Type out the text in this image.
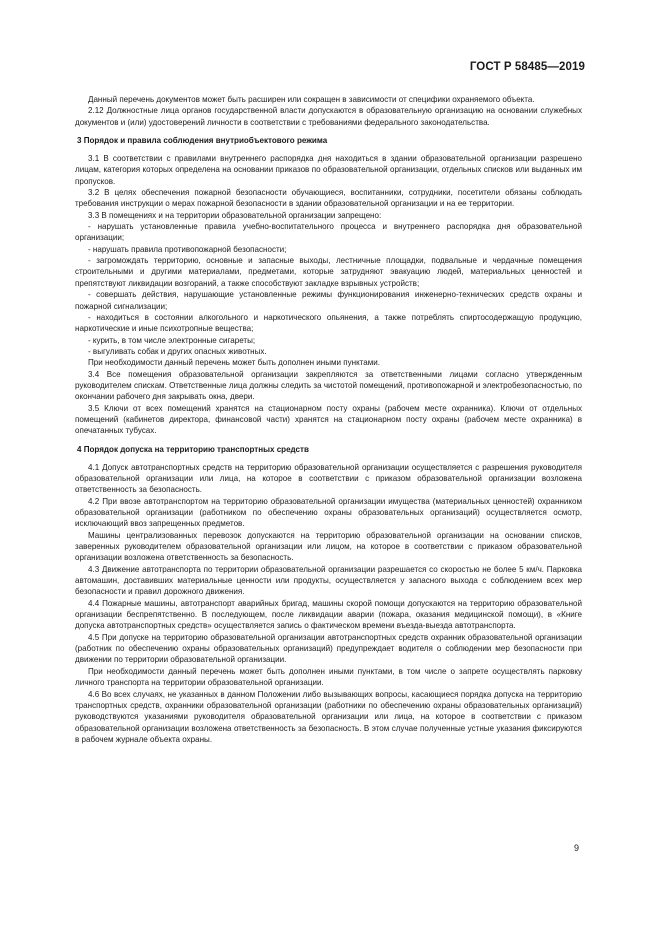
ГОСТ Р 58485—2019

Данный перечень документов может быть расширен или сокращен в зависимости от специфики охраняемого объекта.

2.12 Должностные лица органов государственной власти допускаются в образовательную организацию на основании служебных документов и (или) удостоверений личности в соответствии с требованиями федерального законодательства.

3 Порядок и правила соблюдения внутриобъектового режима

3.1 В соответствии с правилами внутреннего распорядка дня находиться в здании образовательной организации разрешено лицам, категория которых определена на основании приказов по образовательной организации, отдельных списков или выданных им пропусков.

3.2 В целях обеспечения пожарной безопасности обучающиеся, воспитанники, сотрудники, посетители обязаны соблюдать требования инструкции о мерах пожарной безопасности в здании образовательной организации и на ее территории.

3.3 В помещениях и на территории образовательной организации запрещено:

- нарушать установленные правила учебно-воспитательного процесса и внутреннего распорядка дня образовательной организации;

- нарушать правила противопожарной безопасности;

- загромождать территорию, основные и запасные выходы, лестничные площадки, подвальные и чердачные помещения строительными и другими материалами, предметами, которые затрудняют эвакуацию людей, материальных ценностей и препятствуют ликвидации возгораний, а также способствуют закладке взрывных устройств;

- совершать действия, нарушающие установленные режимы функционирования инженерно-технических средств охраны и пожарной сигнализации;

- находиться в состоянии алкогольного и наркотического опьянения, а также потреблять спиртосодержащую продукцию, наркотические и иные психотропные вещества;

- курить, в том числе электронные сигареты;

- выгуливать собак и других опасных животных.

При необходимости данный перечень может быть дополнен иными пунктами.

3.4 Все помещения образовательной организации закрепляются за ответственными лицами согласно утвержденным руководителем спискам. Ответственные лица должны следить за чистотой помещений, противопожарной и электробезопасностью, по окончании рабочего дня закрывать окна, двери.

3.5 Ключи от всех помещений хранятся на стационарном посту охраны (рабочем месте охранника). Ключи от отдельных помещений (кабинетов директора, финансовой части) хранятся на стационарном посту охраны (рабочем месте охранника) в опечатанных тубусах.

4 Порядок допуска на территорию транспортных средств

4.1 Допуск автотранспортных средств на территорию образовательной организации осуществляется с разрешения руководителя образовательной организации или лица, на которое в соответствии с приказом образовательной организации возложена ответственность за безопасность.

4.2 При ввозе автотранспортом на территорию образовательной организации имущества (материальных ценностей) охранником образовательной организации (работником по обеспечению охраны образовательных организаций) осуществляется осмотр, исключающий ввоз запрещенных предметов.

Машины централизованных перевозок допускаются на территорию образовательной организации на основании списков, заверенных руководителем образовательной организации или лицом, на которое в соответствии с приказом образовательной организации возложена ответственность за безопасность.

4.3 Движение автотранспорта по территории образовательной организации разрешается со скоростью не более 5 км/ч. Парковка автомашин, доставивших материальные ценности или продукты, осуществляется у запасного выхода с соблюдением всех мер безопасности и правил дорожного движения.

4.4 Пожарные машины, автотранспорт аварийных бригад, машины скорой помощи допускаются на территорию образовательной организации беспрепятственно. В последующем, после ликвидации аварии (пожара, оказания медицинской помощи), в «Книге допуска автотранспортных средств» осуществляется запись о фактическом времени въезда-выезда автотранспорта.

4.5 При допуске на территорию образовательной организации автотранспортных средств охранник образовательной организации (работник по обеспечению охраны образовательных организаций) предупреждает водителя о соблюдении мер безопасности при движении по территории образовательной организации.

При необходимости данный перечень может быть дополнен иными пунктами, в том числе о запрете осуществлять парковку личного транспорта на территории образовательной организации.

4.6 Во всех случаях, не указанных в данном Положении либо вызывающих вопросы, касающиеся порядка допуска на территорию транспортных средств, охранники образовательной организации (работники по обеспечению охраны образовательных организаций) руководствуются указаниями руководителя образовательной организации или лица, на которое в соответствии с приказом образовательной организации возложена ответственность за безопасность. В этом случае полученные устные указания фиксируются в рабочем журнале объекта охраны.

9
